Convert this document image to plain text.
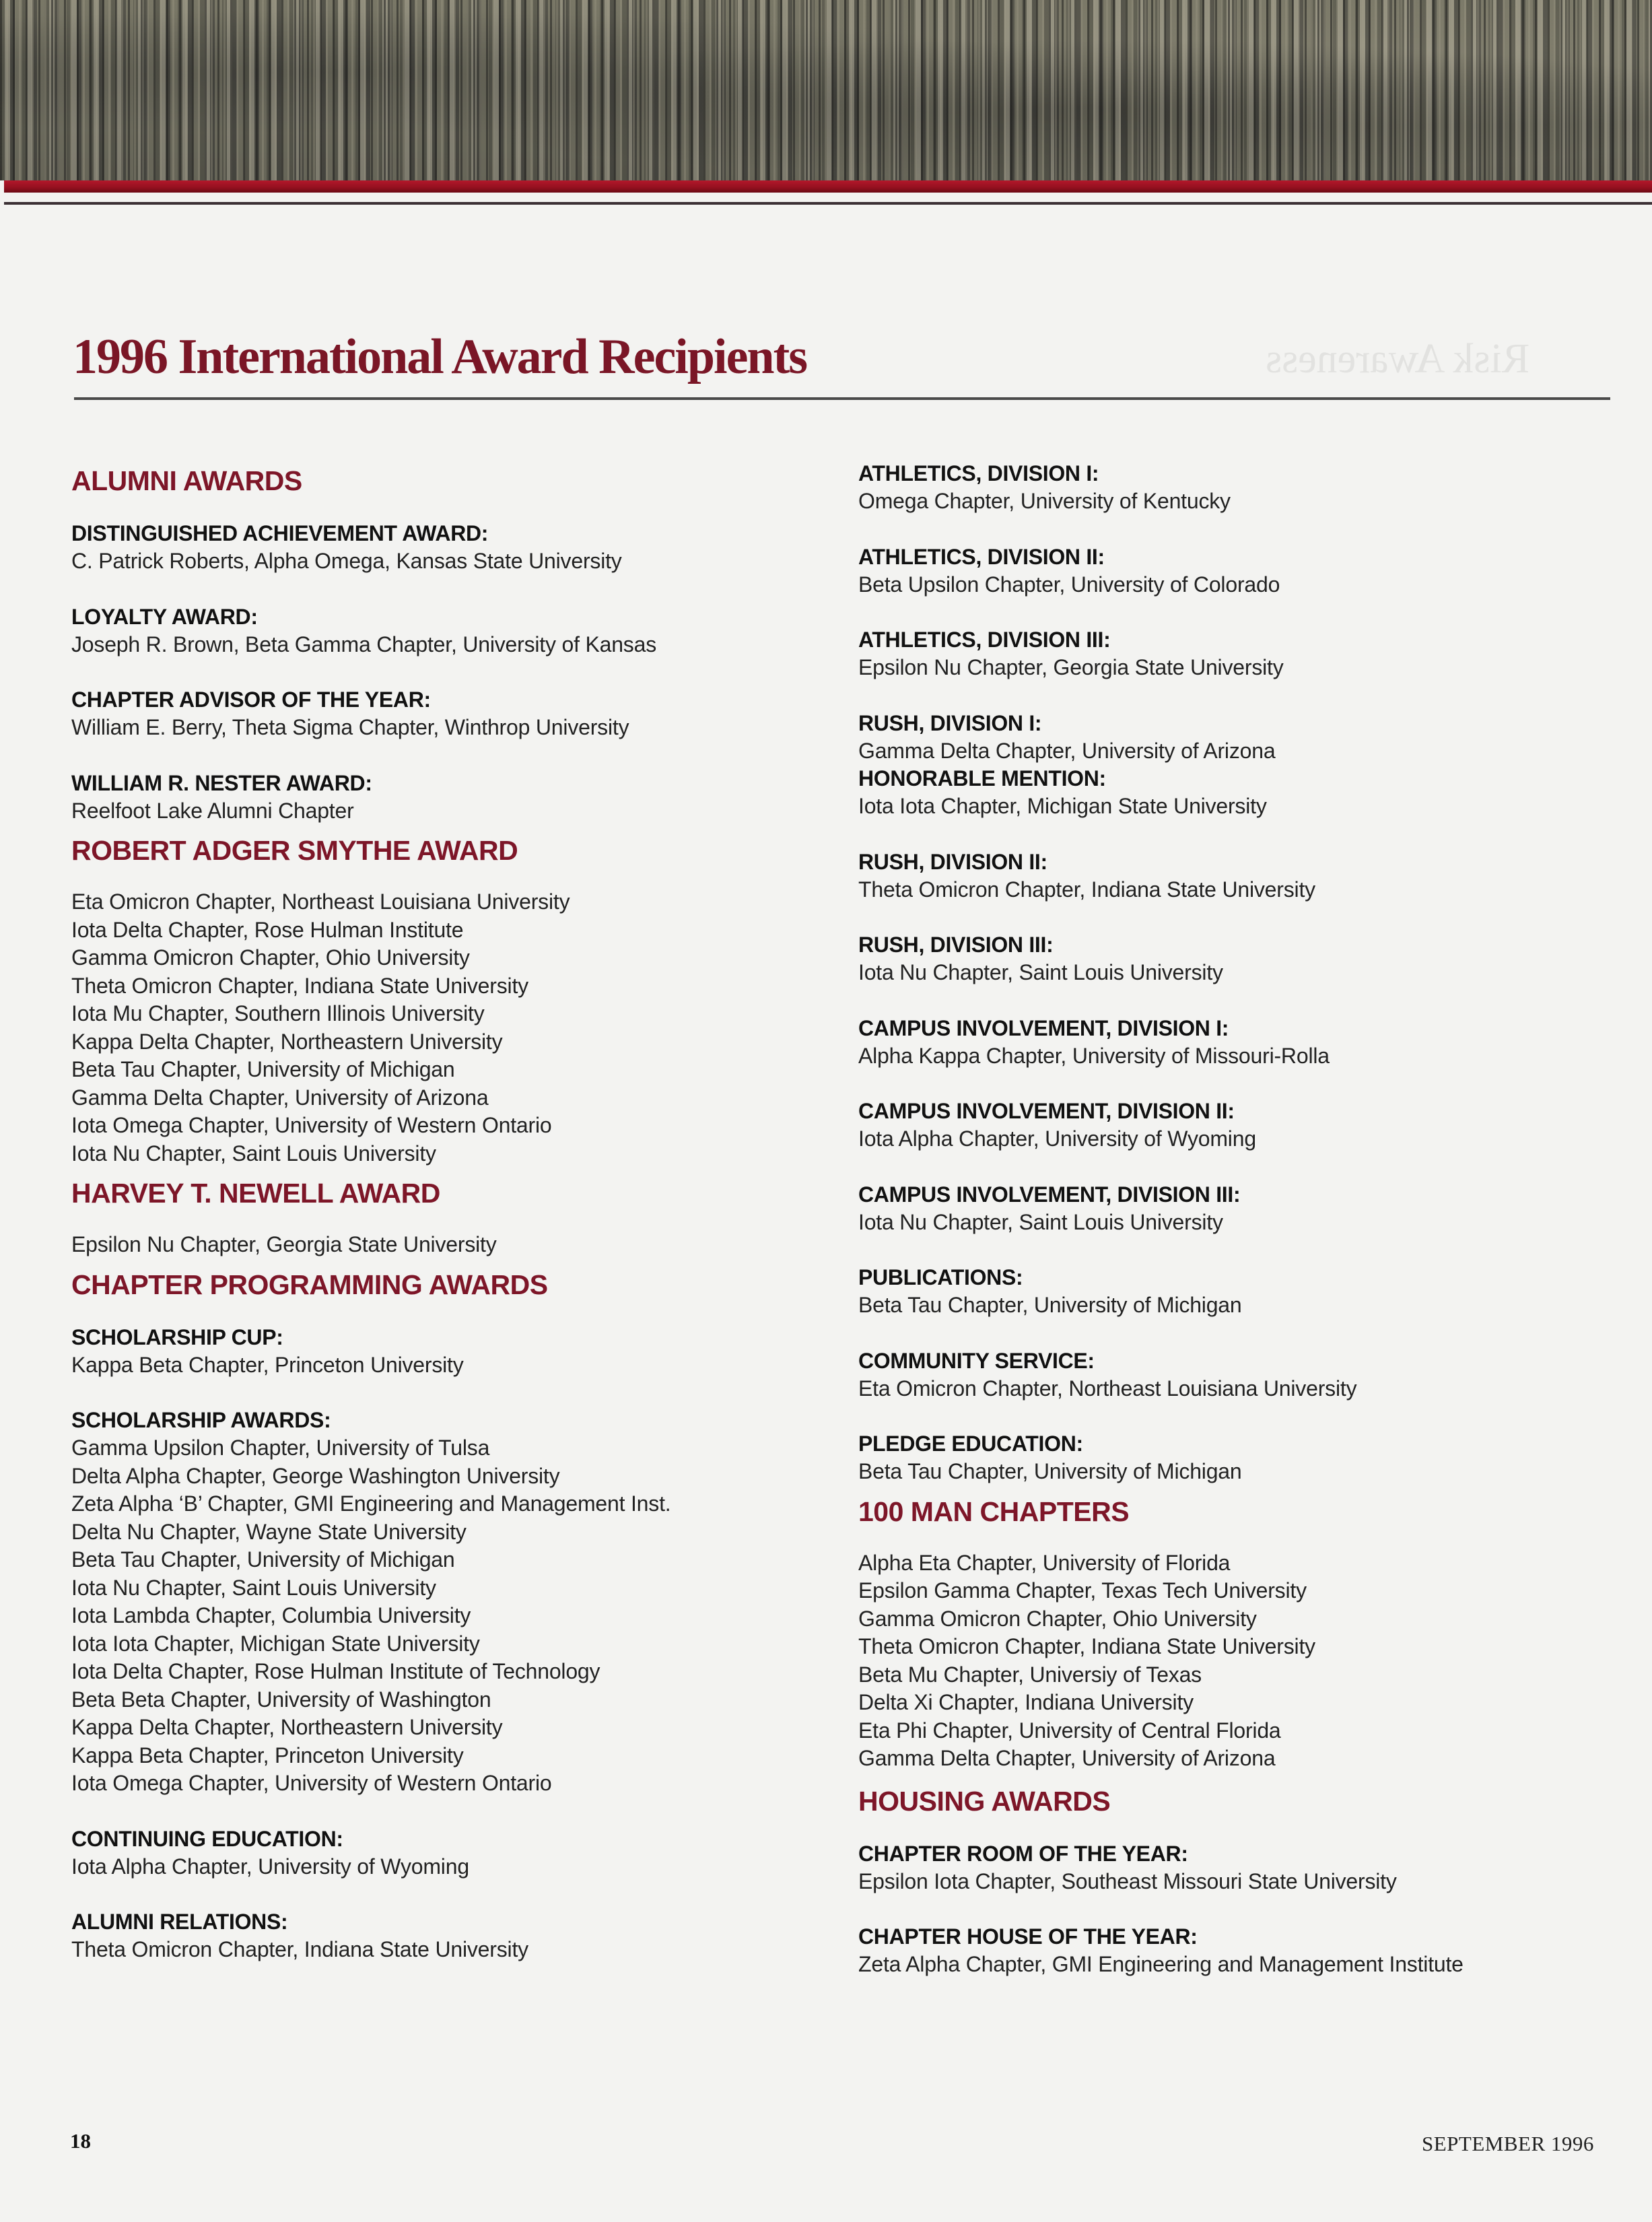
Risk Awareness
1996 International Award Recipients
ALUMNI AWARDS
DISTINGUISHED ACHIEVEMENT AWARD:
C. Patrick Roberts, Alpha Omega, Kansas State University
LOYALTY AWARD:
Joseph R. Brown, Beta Gamma Chapter, University of Kansas
CHAPTER ADVISOR OF THE YEAR:
William E. Berry, Theta Sigma Chapter, Winthrop University
WILLIAM R. NESTER AWARD:
Reelfoot Lake Alumni Chapter
ROBERT ADGER SMYTHE AWARD
Eta Omicron Chapter, Northeast Louisiana University
Iota Delta Chapter, Rose Hulman Institute
Gamma Omicron Chapter, Ohio University
Theta Omicron Chapter, Indiana State University
Iota Mu Chapter, Southern Illinois University
Kappa Delta Chapter, Northeastern University
Beta Tau Chapter, University of Michigan
Gamma Delta Chapter, University of Arizona
Iota Omega Chapter, University of Western Ontario
Iota Nu Chapter, Saint Louis University
HARVEY T. NEWELL AWARD
Epsilon Nu Chapter, Georgia State University
CHAPTER PROGRAMMING AWARDS
SCHOLARSHIP CUP:
Kappa Beta Chapter, Princeton University
SCHOLARSHIP AWARDS:
Gamma Upsilon Chapter, University of Tulsa
Delta Alpha Chapter, George Washington University
Zeta Alpha ‘B’ Chapter, GMI Engineering and Management Inst.
Delta Nu Chapter, Wayne State University
Beta Tau Chapter, University of Michigan
Iota Nu Chapter, Saint Louis University
Iota Lambda Chapter, Columbia University
Iota Iota Chapter, Michigan State University
Iota Delta Chapter, Rose Hulman Institute of Technology
Beta Beta Chapter, University of Washington
Kappa Delta Chapter, Northeastern University
Kappa Beta Chapter, Princeton University
Iota Omega Chapter, University of Western Ontario
CONTINUING EDUCATION:
Iota Alpha Chapter, University of Wyoming
ALUMNI RELATIONS:
Theta Omicron Chapter, Indiana State University
ATHLETICS, DIVISION I:
Omega Chapter, University of Kentucky
ATHLETICS, DIVISION II:
Beta Upsilon Chapter, University of Colorado
ATHLETICS, DIVISION III:
Epsilon Nu Chapter, Georgia State University
RUSH, DIVISION I:
Gamma Delta Chapter, University of Arizona
HONORABLE MENTION:
Iota Iota Chapter, Michigan State University
RUSH, DIVISION II:
Theta Omicron Chapter, Indiana State University
RUSH, DIVISION III:
Iota Nu Chapter, Saint Louis University
CAMPUS INVOLVEMENT, DIVISION I:
Alpha Kappa Chapter, University of Missouri-Rolla
CAMPUS INVOLVEMENT, DIVISION II:
Iota Alpha Chapter, University of Wyoming
CAMPUS INVOLVEMENT, DIVISION III:
Iota Nu Chapter, Saint Louis University
PUBLICATIONS:
Beta Tau Chapter, University of Michigan
COMMUNITY SERVICE:
Eta Omicron Chapter, Northeast Louisiana University
PLEDGE EDUCATION:
Beta Tau Chapter, University of Michigan
100 MAN CHAPTERS
Alpha Eta Chapter, University of Florida
Epsilon Gamma Chapter, Texas Tech University
Gamma Omicron Chapter, Ohio University
Theta Omicron Chapter, Indiana State University
Beta Mu Chapter, Universiy of Texas
Delta Xi Chapter, Indiana University
Eta Phi Chapter, University of Central Florida
Gamma Delta Chapter, University of Arizona
HOUSING AWARDS
CHAPTER ROOM OF THE YEAR:
Epsilon Iota Chapter, Southeast Missouri State University
CHAPTER HOUSE OF THE YEAR:
Zeta Alpha Chapter, GMI Engineering and Management Institute
18	SEPTEMBER 1996
